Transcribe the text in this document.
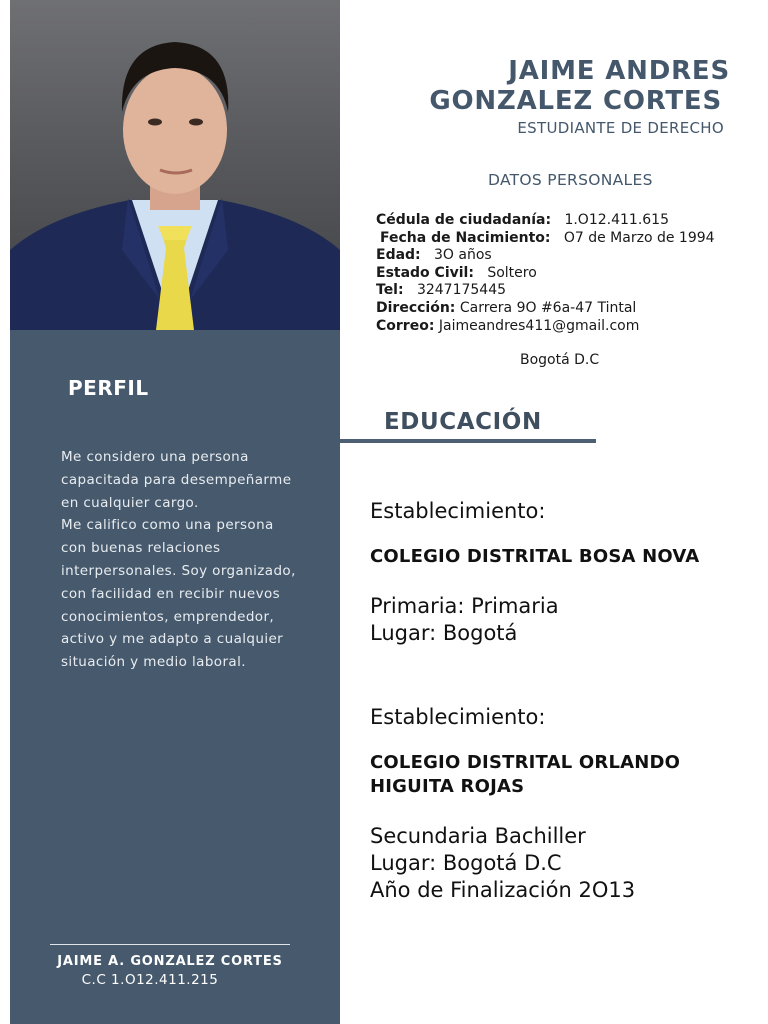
PERFIL

Me considero una persona capacitada para desempeñarme en cualquier cargo.

Me califico como una persona con buenas relaciones interpersonales. Soy organizado, con facilidad en recibir nuevos conocimientos, emprendedor, activo y me adapto a cualquier situación y medio laboral.

JAIME A. GONZALEZ CORTES
C.C 1.O12.411.215
JAIME ANDRES

GONZALEZ CORTES
ESTUDIANTE DE DERECHO
DATOS PERSONALES
Cédula de ciudadanía: 1.O12.411.615
Fecha de Nacimiento: O7 de Marzo de 1994
Edad: 3O años
Estado Civil: Soltero
Tel: 3247175445
Dirección: Carrera 9O #6a-47 Tintal
Correo: Jaimeandres411@gmail.com
Bogotá D.C
EDUCACIÓN
Establecimiento:
COLEGIO DISTRITAL BOSA NOVA
Primaria: Primaria
Lugar: Bogotá
Establecimiento:
COLEGIO DISTRITAL ORLANDO HIGUITA ROJAS
Secundaria Bachiller
Lugar: Bogotá D.C
Año de Finalización 2O13
